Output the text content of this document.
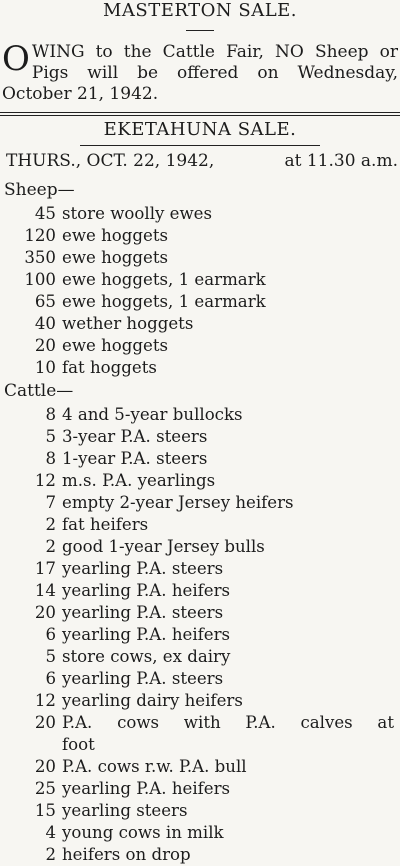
MASTERTON SALE.
OWING to the Cattle Fair, NO Sheep or Pigs will be offered on Wednesday, October 21, 1942.
EKETAHUNA SALE.
THURS., OCT. 22, 1942,	at 11.30 a.m.
Sheep—
45 store woolly ewes
120 ewe hoggets
350 ewe hoggets
100 ewe hoggets, 1 earmark
65 ewe hoggets, 1 earmark
40 wether hoggets
20 ewe hoggets
10 fat hoggets
Cattle—
8 4 and 5-year bullocks
5 3-year P.A. steers
8 1-year P.A. steers
12 m.s. P.A. yearlings
7 empty 2-year Jersey heifers
2 fat heifers
2 good 1-year Jersey bulls
17 yearling P.A. steers
14 yearling P.A. heifers
20 yearling P.A. steers
6 yearling P.A. heifers
5 store cows, ex dairy
6 yearling P.A. steers
12 yearling dairy heifers
20 P.A. cows with P.A. calves at
foot
20 P.A. cows r.w. P.A. bull
25 yearling P.A. heifers
15 yearling steers
4 young cows in milk
2 heifers on drop
